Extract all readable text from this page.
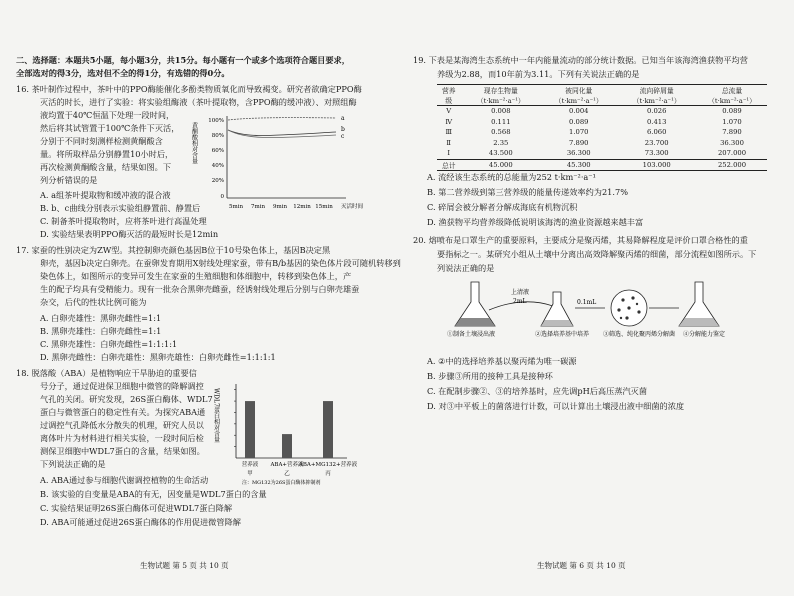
二、选择题：本题共5小题，每小题3分，共15分。每小题有一个或多个选项符合题目要求，
全部选对的得3分，选对但不全的得1分，有选错的得0分。
16. 茶叶制作过程中，茶叶中的PPO酶能催化多酚类物质氧化而导致褐变。研究者欲确定PPO酶
灭活的时长，进行了实验：将实验组酶液（茶叶提取物，含PPO酶的缓冲液）、对照组酶
液均置于40℃恒温下处理一段时间，
然后将其试管置于100℃条件下灭活，
分别于不同时刻测样检测黄酮酸含
量。将所取样品分别静置10小时后，
再次检测黄酮酸含量，结果如图。下
列分析错误的是
黄酮酸相对含量
100%
80%
60%
40%
20%
0
a
b
c
5min 7min 9min 12min 15min 灭活时间
A. a组茶叶提取物和缓冲液的混合液
B. b、c曲线分别表示实验组静置前、静置后
C. 制备茶叶提取物时，应将茶叶进行高温处理
D. 实验结果表明PPO酶灭活的最短时长是12min
17. 家蚕的性别决定为ZW型。其控制卵壳颜色基因B位于10号染色体上，基因B决定黑
卵壳，基因b决定白卵壳。在蚕卵发育期用X射线处理家蚕，带有B/b基因的染色体片段可随机转移到
染色体上，如图所示的变异可发生在家蚕的生殖细胞和体细胞中，转移到染色体上，产
生的配子均具有受精能力。现有一批杂合黑卵壳雌蚕，经诱射线处理后分别与白卵壳雄蚕
杂交，后代的性状比例可能为
A. 白卵壳雄性：黑卵壳雌性=1:1
B. 黑卵壳雄性：白卵壳雌性=1:1
C. 黑卵壳雄性：白卵壳雌性=1:1:1:1
D. 黑卵壳雌性：白卵壳雄性：黑卵壳雄性：白卵壳雌性=1:1:1:1
18. 脱落酸（ABA）是植物响应干旱胁迫的重要信
号分子，通过促进保卫细胞中微管的降解调控
气孔的关闭。研究发现，26S蛋白酶体、WDL7
蛋白与微管蛋白的稳定性有关。为探究ABA通
过调控气孔降低水分散失的机理，研究人员以
离体叶片为材料进行相关实验，一段时间后检
测保卫细胞中WDL7蛋白的含量，结果如图。
下列说法正确的是
WDL7蛋白相对含量
营养液 ABA+营养液
ABA+MG132+营养液
甲	乙	丙
注：MG132为26S蛋白酶体抑制剂
A. ABA通过参与细胞代谢调控植物的生命活动
B. 该实验的自变量是ABA的有无，因变量是WDL7蛋白的含量
C. 实验结果证明26S蛋白酶体可促进WDL7蛋白降解
D. ABA可能通过促进26S蛋白酶体的作用促进微管降解
生物试题 第 5 页 共 10 页
19. 下表是某海湾生态系统中一年内能量流动的部分统计数据。已知当年该海湾渔获物平均营
养级为2.88，而10年前为3.11。下列有关说法正确的是
营养级	现存生物量（t·km⁻²·a⁻¹）	被同化量（t·km⁻²·a⁻¹）	流向碎屑量（t·km⁻²·a⁻¹）	总流量（t·km⁻²·a⁻¹）
Ⅴ	0.008	0.004	0.026	0.089
Ⅳ	0.111	0.089	0.413	1.070
Ⅲ	0.568	1.070	6.060	7.890
Ⅱ	2.35	7.890	23.700	36.300
Ⅰ	43.500	36.300	73.300	207.000
总计	45.000	45.300	103.000	252.000
A. 流经该生态系统的总能量为252 t·km⁻²·a⁻¹
B. 第二营养级到第三营养级的能量传递效率约为21.7%
C. 碎屑会被分解者分解成海底有机物沉积
D. 渔获物平均营养级降低说明该海湾的渔业资源越来越丰富
20. 熔喷布是口罩生产的重要原料，主要成分是聚丙烯，其易降解程度是评价口罩合格性的重
要指标之一。某研究小组从土壤中分离出高效降解聚丙烯的细菌，部分流程如图所示。下
列说法正确的是
上清液
2mL	0.1mL
①制备土壤浸出液	②选择培养基中培养 ③筛选、纯化聚丙烯分解菌 ④分解能力鉴定
A. ②中的选择培养基以聚丙烯为唯一碳源
B. 步骤③所用的接种工具是接种环
C. 在配制步骤②、③的培养基时，应先调pH后高压蒸汽灭菌
D. 对③中平板上的菌落进行计数，可以计算出土壤浸出液中细菌的浓度
生物试题 第 6 页 共 10 页
